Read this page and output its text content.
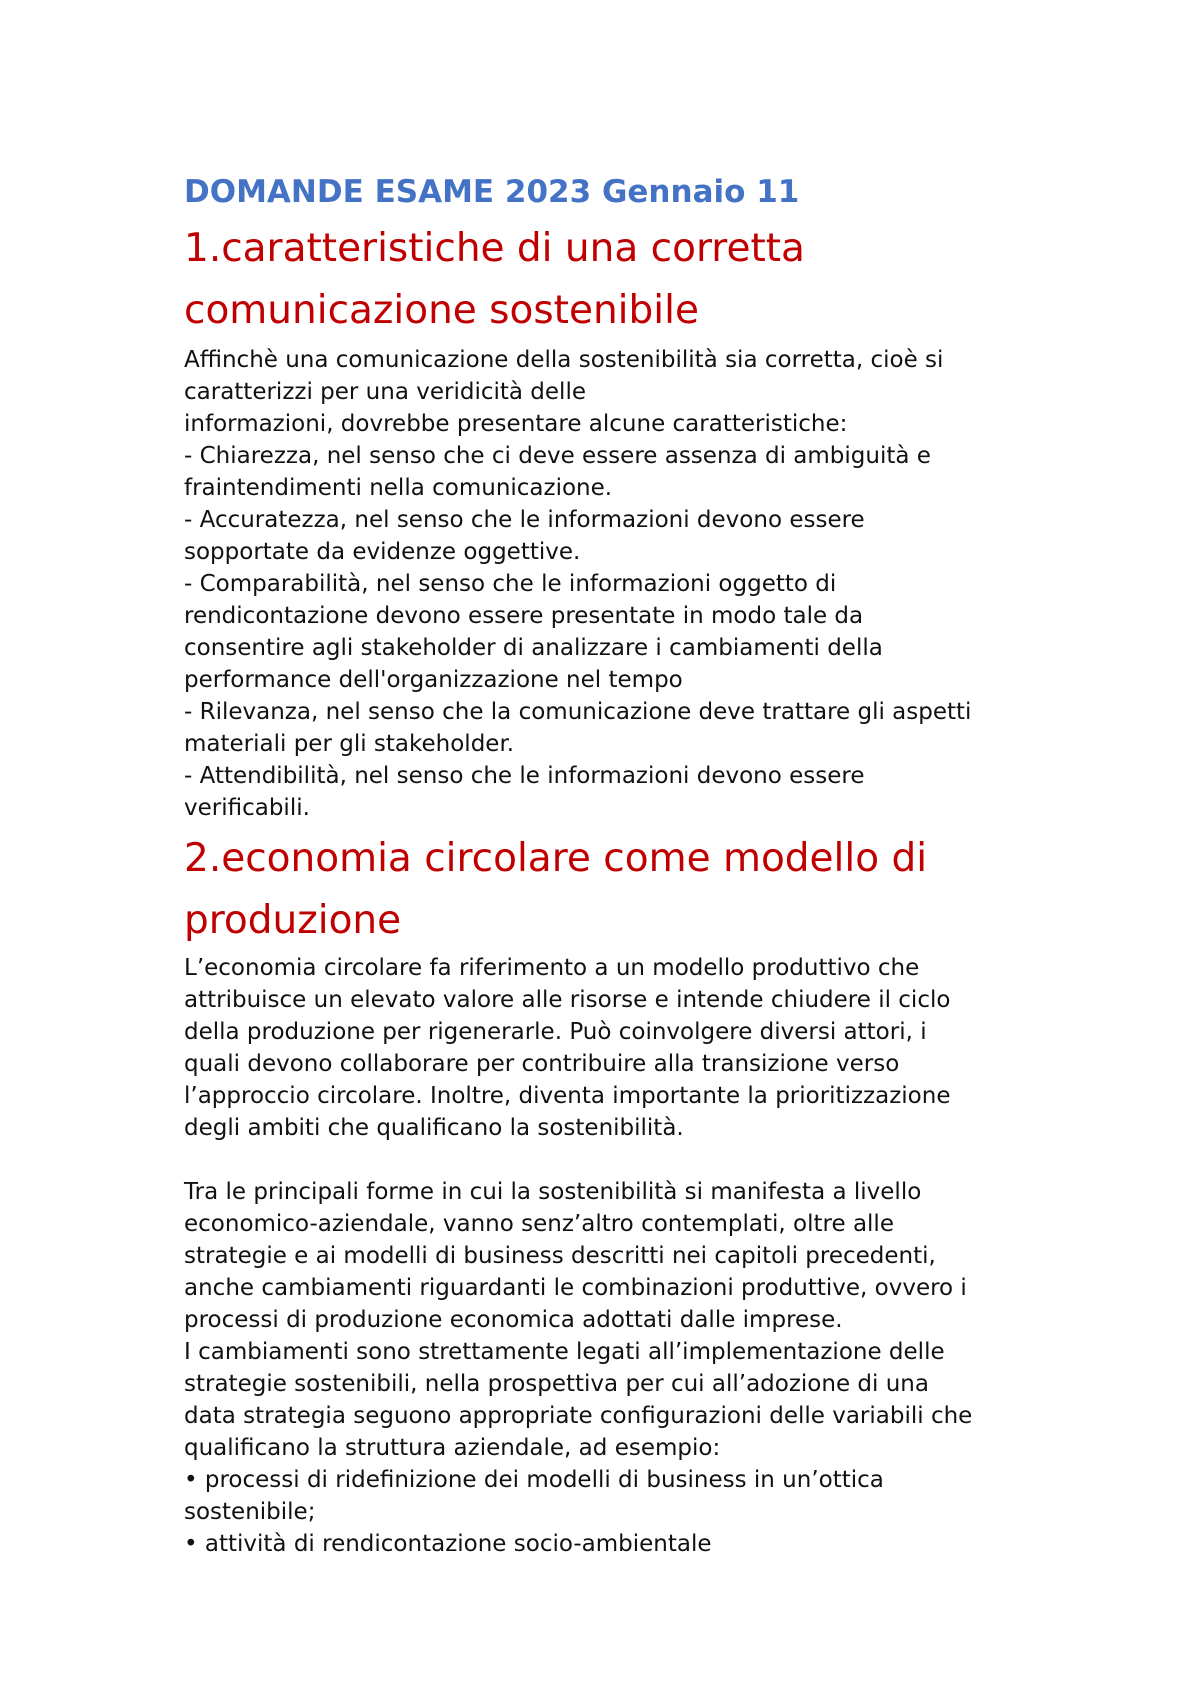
DOMANDE ESAME 2023 Gennaio 11
1.caratteristiche di una corretta
comunicazione sostenibile
Affinchè una comunicazione della sostenibilità sia corretta, cioè si
caratterizzi per una veridicità delle
informazioni, dovrebbe presentare alcune caratteristiche:
- Chiarezza, nel senso che ci deve essere assenza di ambiguità e
fraintendimenti nella comunicazione.
- Accuratezza, nel senso che le informazioni devono essere
sopportate da evidenze oggettive.
- Comparabilità, nel senso che le informazioni oggetto di
rendicontazione devono essere presentate in modo tale da
consentire agli stakeholder di analizzare i cambiamenti della
performance dell'organizzazione nel tempo
- Rilevanza, nel senso che la comunicazione deve trattare gli aspetti
materiali per gli stakeholder.
- Attendibilità, nel senso che le informazioni devono essere
verificabili.
2.economia circolare come modello di
produzione
L’economia circolare fa riferimento a un modello produttivo che
attribuisce un elevato valore alle risorse e intende chiudere il ciclo
della produzione per rigenerarle. Può coinvolgere diversi attori, i
quali devono collaborare per contribuire alla transizione verso
l’approccio circolare. Inoltre, diventa importante la prioritizzazione
degli ambiti che qualificano la sostenibilità.
Tra le principali forme in cui la sostenibilità si manifesta a livello
economico-aziendale, vanno senz’altro contemplati, oltre alle
strategie e ai modelli di business descritti nei capitoli precedenti,
anche cambiamenti riguardanti le combinazioni produttive, ovvero i
processi di produzione economica adottati dalle imprese.
I cambiamenti sono strettamente legati all’implementazione delle
strategie sostenibili, nella prospettiva per cui all’adozione di una
data strategia seguono appropriate configurazioni delle variabili che
qualificano la struttura aziendale, ad esempio:
• processi di ridefinizione dei modelli di business in un’ottica
sostenibile;
• attività di rendicontazione socio-ambientale
